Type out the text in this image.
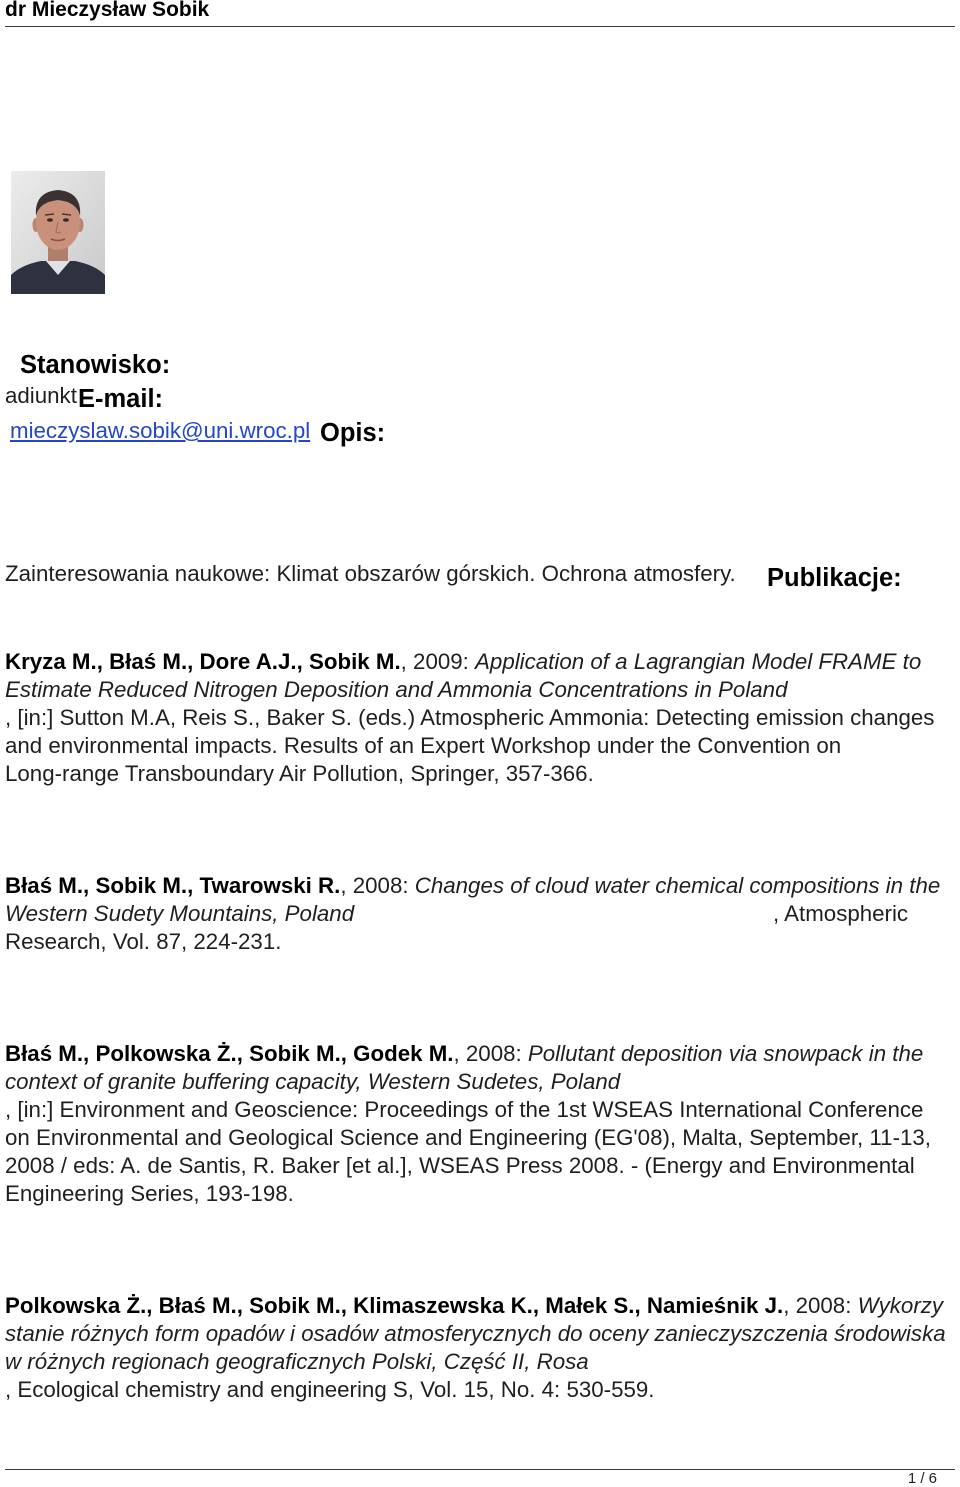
dr Mieczysław Sobik
Stanowisko:
adiunkt E-mail:
mieczyslaw.sobik@uni.wroc.pl Opis:
Zainteresowania naukowe: Klimat obszarów górskich. Ochrona atmosfery. Publikacje:
Kryza M., Błaś M., Dore A.J., Sobik M. , 2009: Application of a Lagrangian Model FRAME to
Estimate Reduced Nitrogen Deposition and Ammonia Concentrations in Poland
, [in:] Sutton M.A, Reis S., Baker S. (eds.) Atmospheric Ammonia: Detecting emission changes
and environmental impacts. Results of an Expert Workshop under the Convention on
Long-range Transboundary Air Pollution, Springer, 357-366.
Błaś M., Sobik M., Twarowski R. , 2008: Changes of cloud water chemical compositions in the
Western Sudety Mountains, Poland	, Atmospheric
Research, Vol. 87, 224-231.
Błaś M., Polkowska Ż., Sobik M., Godek M. , 2008: Pollutant deposition via snowpack in the
context of granite buffering capacity, Western Sudetes, Poland
, [in:] Environment and Geoscience: Proceedings of the 1st WSEAS International Conference
on Environmental and Geological Science and Engineering (EG'08), Malta, September, 11-13,
2008 / eds: A. de Santis, R. Baker [et al.], WSEAS Press 2008. - (Energy and Environmental
Engineering Series, 193-198.
Polkowska Ż., Błaś M., Sobik M., Klimaszewska K., Małek S., Namieśnik J. , 2008: Wykorzy
stanie różnych form opadów i osadów atmosferycznych do oceny zanieczyszczenia środowiska
w różnych regionach geograficznych Polski, Część II, Rosa
, Ecological chemistry and engineering S, Vol. 15, No. 4: 530-559.
1 / 6
